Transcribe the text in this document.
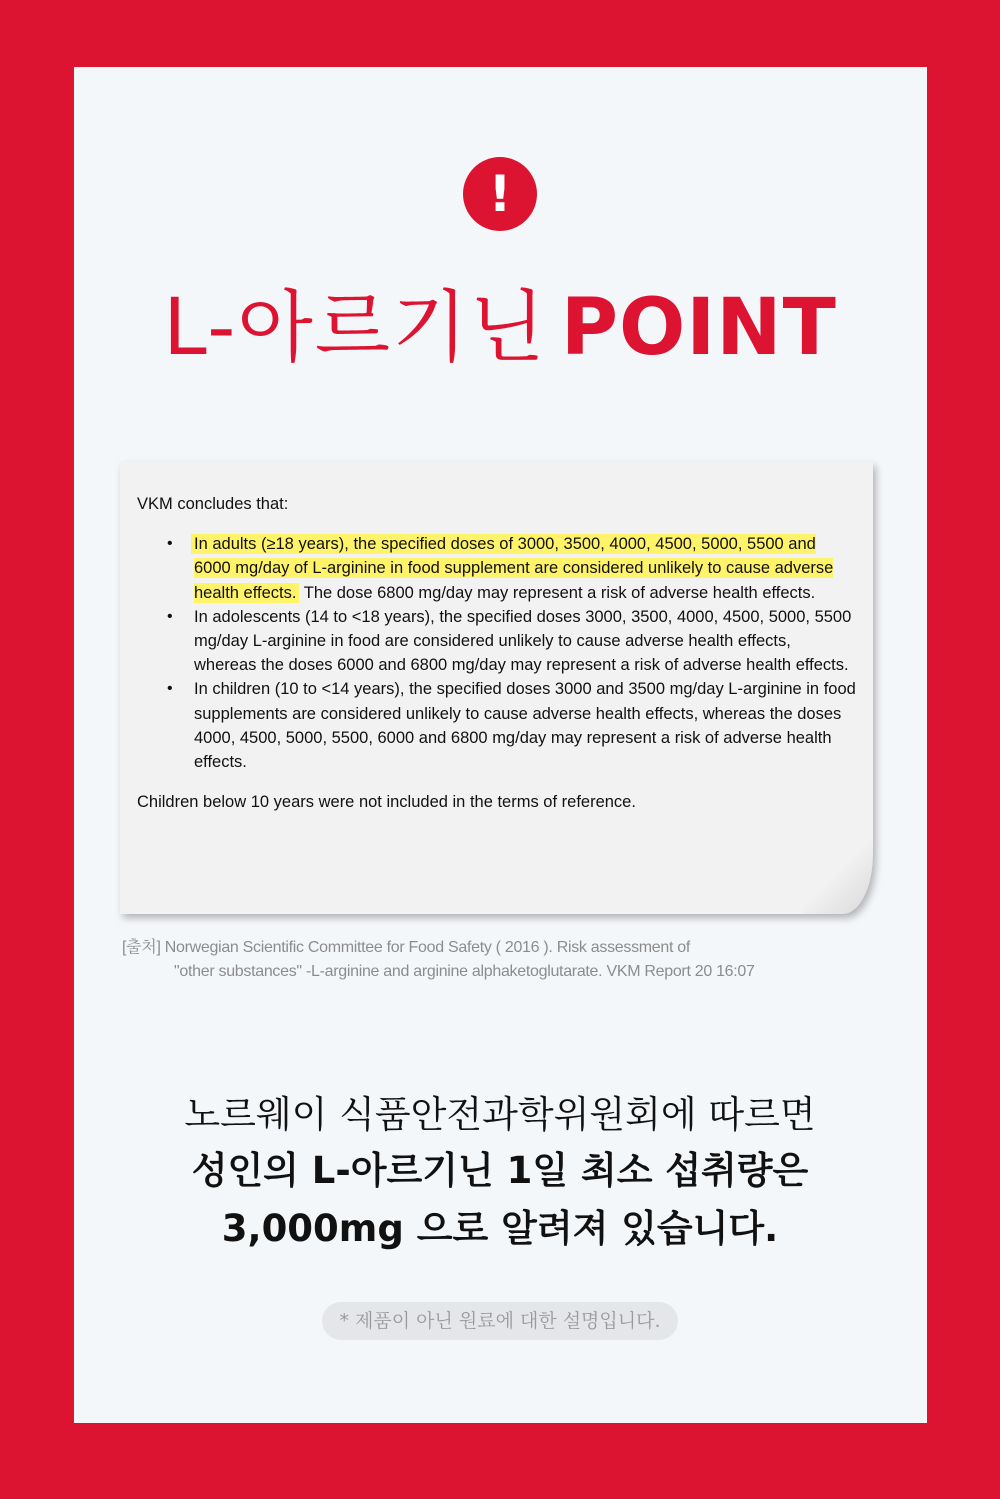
!
L-아르기닌 POINT

VKM concludes that:

• In adults (≥18 years), the specified doses of 3000, 3500, 4000, 4500, 5000, 5500 and 6000 mg/day of L-arginine in food supplement are considered unlikely to cause adverse health effects. The dose 6800 mg/day may represent a risk of adverse health effects.
• In adolescents (14 to <18 years), the specified doses 3000, 3500, 4000, 4500, 5000, 5500 mg/day L-arginine in food are considered unlikely to cause adverse health effects, whereas the doses 6000 and 6800 mg/day may represent a risk of adverse health effects.
• In children (10 to <14 years), the specified doses 3000 and 3500 mg/day L-arginine in food supplements are considered unlikely to cause adverse health effects, whereas the doses 4000, 4500, 5000, 5500, 6000 and 6800 mg/day may represent a risk of adverse health effects.

Children below 10 years were not included in the terms of reference.

[출처] Norwegian Scientific Committee for Food Safety ( 2016 ). Risk assessment of
"other substances" -L-arginine and arginine alphaketoglutarate. VKM Report 20 16:07
노르웨이 식품안전과학위원회에 따르면
성인의 L-아르기닌 1일 최소 섭취량은
3,000mg 으로 알려져 있습니다.
* 제품이 아닌 원료에 대한 설명입니다.
